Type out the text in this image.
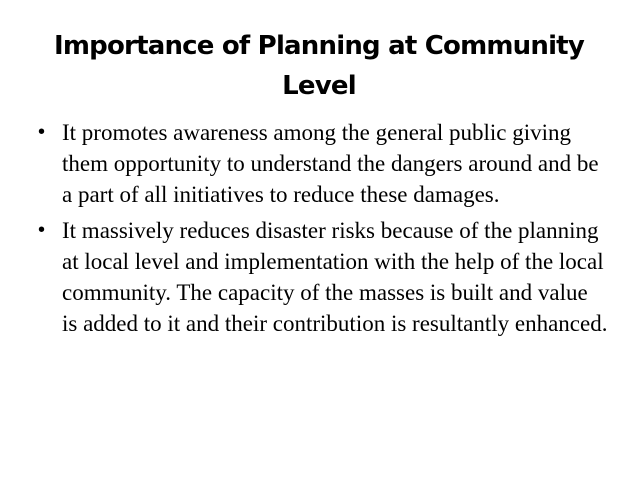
Importance of Planning at Community Level
• It promotes awareness among the general public giving them opportunity to understand the dangers around and be a part of all initiatives to reduce these damages.
• It massively reduces disaster risks because of the planning at local level and implementation with the help of the local community. The capacity of the masses is built and value is added to it and their contribution is resultantly enhanced.
